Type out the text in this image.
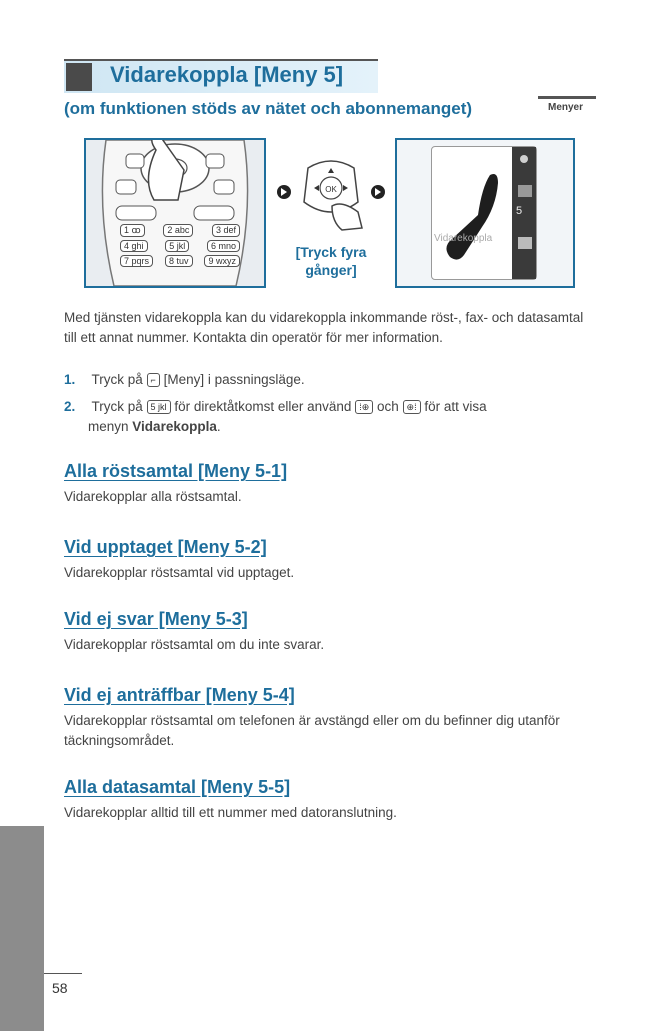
Vidarekoppla [Meny 5]
Menyer
(om funktionen stöds av nätet och abonnemanget)
1 ꝏ	2 abc	3 def
4 ghi	5 jkl	6 mno
7 pqrs	8 tuv	9 wxyz
OK
[Tryck fyra
gånger]
5
Vidarekoppla
Med tjänsten vidarekoppla kan du vidarekoppla inkommande röst-, fax- och datasamtal till ett annat nummer. Kontakta din operatör för mer information.
1. Tryck på ⌐ [Meny] i passningsläge.
2. Tryck på 5 jkl för direktåtkomst eller använd ⁞⊕ och ⊕⁞ för att visa
menyn Vidarekoppla.
Alla röstsamtal [Meny 5-1]
Vidarekopplar alla röstsamtal.
Vid upptaget [Meny 5-2]
Vidarekopplar röstsamtal vid upptaget.
Vid ej svar [Meny 5-3]
Vidarekopplar röstsamtal om du inte svarar.
Vid ej anträffbar [Meny 5-4]
Vidarekopplar röstsamtal om telefonen är avstängd eller om du befinner dig utanför täckningsområdet.
Alla datasamtal [Meny 5-5]
Vidarekopplar alltid till ett nummer med datoranslutning.
58
